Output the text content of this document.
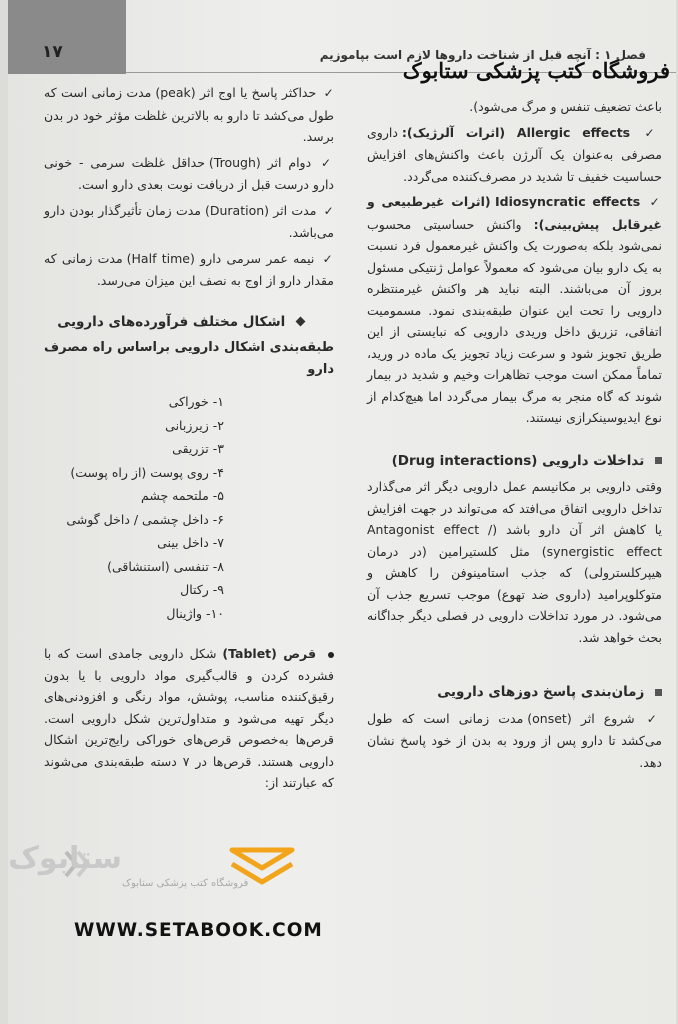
۱۷	فصل ۱ : آنچه قبل از شناخت داروها لازم است بپاموزیم
فروشگاه کتب پزشکی ستابوک

باعث تضعیف تنفس و مرگ می‌شود).

✓ Allergic effects (اثرات آلرژیک): داروی مصرفی به‌عنوان یک آلرژن باعث واکنش‌های افزایش حساسیت خفیف تا شدید در مصرف‌کننده می‌گردد.

✓ Idiosyncratic effects (اثرات غیرطبیعی و غیرقابل پیش‌بینی): واکنش حساسیتی محسوب نمی‌شود بلکه به‌صورت یک واکنش غیرمعمول فرد نسبت به یک دارو بیان می‌شود که معمولاً عوامل ژنتیکی مسئول بروز آن می‌باشند. البته نباید هر واکنش غیرمنتظره دارویی را تحت این عنوان طبقه‌بندی نمود. مسمومیت اتفاقی، تزریق داخل وریدی دارویی که نبایستی از این طریق تجویز شود و سرعت زیاد تجویز یک ماده در ورید، تماماً ممکن است موجب تظاهرات وخیم و شدید در بیمار شوند که گاه منجر به مرگ بیمار می‌گردد اما هیچ‌کدام از نوع ایدیوسینکرازی نیستند.

تداخلات دارویی (Drug interactions)

وقتی دارویی بر مکانیسم عمل دارویی دیگر اثر می‌گذارد تداخل دارویی اتفاق می‌افتد که می‌تواند در جهت افزایش یا کاهش اثر آن دارو باشد (Antagonist effect / synergistic effect) مثل کلستیرامین (در درمان هیپرکلسترولی) که جذب استامینوفن را کاهش و متوکلوپرامید (داروی ضد تهوع) موجب تسریع جذب آن می‌شود. در مورد تداخلات دارویی در فصلی دیگر جداگانه بحث خواهد شد.

زمان‌بندی پاسخ دوزهای دارویی

✓ شروع اثر (onset) مدت زمانی است که طول می‌کشد تا دارو پس از ورود به بدن از خود پاسخ نشان دهد.

✓ حداکثر پاسخ یا اوج اثر (peak) مدت زمانی است که طول می‌کشد تا دارو به بالاترین غلظت مؤثر خود در بدن برسد.

✓ دوام اثر (Trough) حداقل غلظت سرمی - خونی دارو درست قبل از دریافت نوبت بعدی دارو است.

✓ مدت اثر (Duration) مدت زمان تأثیرگذار بودن دارو می‌باشد.

✓ نیمه عمر سرمی دارو (Half time) مدت زمانی که مقدار دارو از اوج به نصف این میزان می‌رسد.

اشکال مختلف فرآورده‌های دارویی
طبقه‌بندی اشکال دارویی براساس راه مصرف دارو
۱- خوراکی
۲- زیرزبانی
۳- تزریقی
۴- روی پوست (از راه پوست)
۵- ملتحمه چشم
۶- داخل چشمی / داخل گوشی
۷- داخل بینی
۸- تنفسی (استنشاقی)
۹- رکتال
۱۰- واژینال

قرص (Tablet) شکل دارویی جامدی است که با فشرده کردن و قالب‌گیری مواد دارویی با یا بدون رقیق‌کننده مناسب، پوشش، مواد رنگی و افزودنی‌های دیگر تهیه می‌شود و متداول‌ترین شکل دارویی است. قرص‌ها به‌خصوص قرص‌های خوراکی رایج‌ترین اشکال دارویی هستند. قرص‌ها در ۷ دسته طبقه‌بندی می‌شوند که عبارتند از:

ستابوک
فروشگاه کتب پزشکی ستابوک
WWW.SETABOOK.COM
